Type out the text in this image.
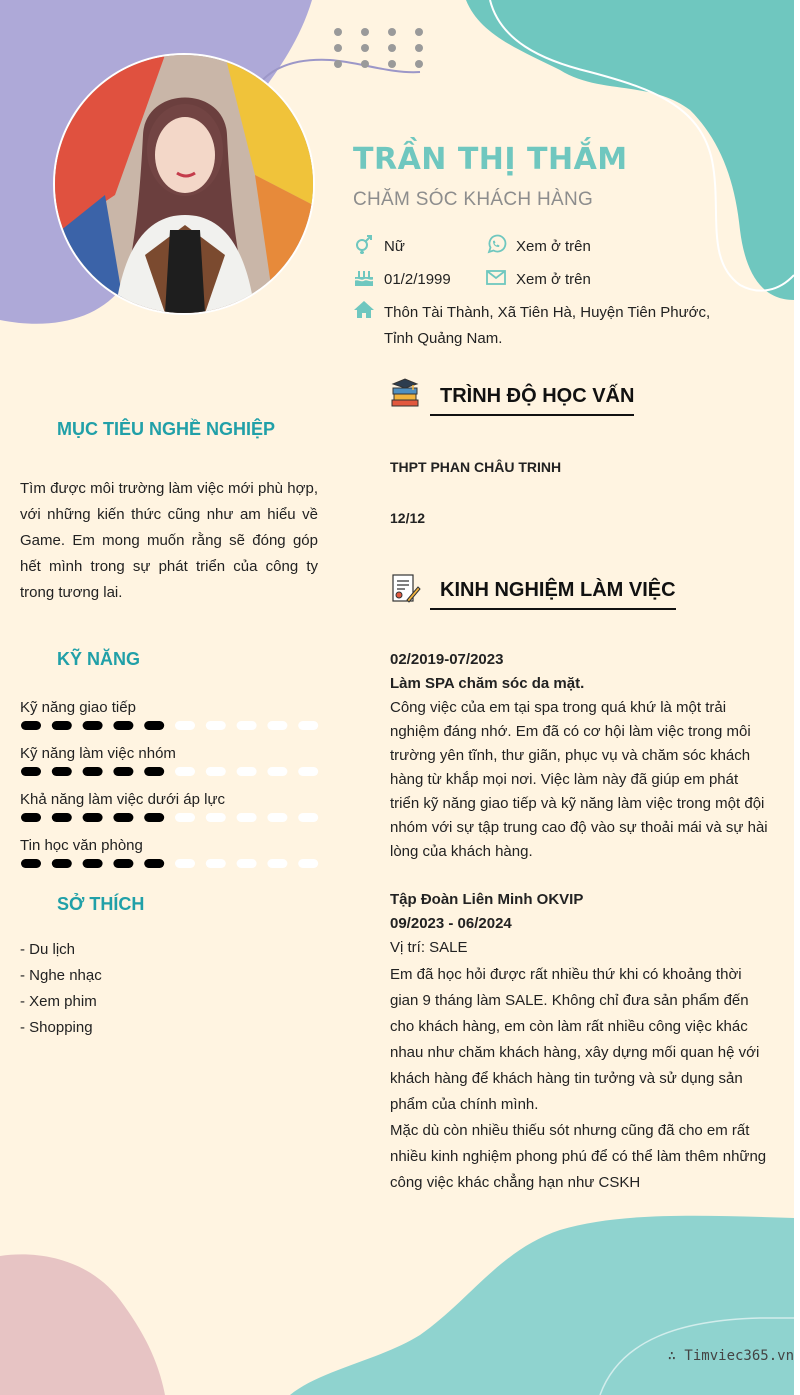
TRẦN THỊ THẮM
CHĂM SÓC KHÁCH HÀNG
Nữ	Xem ở trên
01/2/1999	Xem ở trên
Thôn Tài Thành, Xã Tiên Hà, Huyện Tiên Phước,
Tỉnh Quảng Nam.
MỤC TIÊU NGHỀ NGHIỆP
Tìm được môi trường làm việc mới phù hợp, với những kiến thức cũng như am hiểu về Game. Em mong muốn rằng sẽ đóng góp hết mình trong sự phát triển của công ty trong tương lai.
KỸ NĂNG
Kỹ năng giao tiếp
Kỹ năng làm việc nhóm
Khả năng làm việc dưới áp lực
Tin học văn phòng
SỞ THÍCH
- Du lịch
- Nghe nhạc
- Xem phim
- Shopping
TRÌNH ĐỘ HỌC VẤN
THPT PHAN CHÂU TRINH
12/12
KINH NGHIỆM LÀM VIỆC
02/2019-07/2023
Làm SPA chăm sóc da mặt.
Công việc của em tại spa trong quá khứ là một trải nghiệm đáng nhớ. Em đã có cơ hội làm việc trong môi trường yên tĩnh, thư giãn, phục vụ và chăm sóc khách hàng từ khắp mọi nơi. Việc làm này đã giúp em phát triển kỹ năng giao tiếp và kỹ năng làm việc trong một đội nhóm với sự tập trung cao độ vào sự thoải mái và sự hài lòng của khách hàng.
Tập Đoàn Liên Minh OKVIP
09/2023 - 06/2024
Vị trí: SALE
Em đã học hỏi được rất nhiều thứ khi có khoảng thời gian 9 tháng làm SALE. Không chỉ đưa sản phẩm đến cho khách hàng, em còn làm rất nhiều công việc khác nhau như chăm khách hàng, xây dựng mối quan hệ với khách hàng để khách hàng tin tưởng và sử dụng sản phẩm của chính mình.
Mặc dù còn nhiều thiếu sót nhưng cũng đã cho em rất nhiều kinh nghiệm phong phú để có thể làm thêm những công việc khác chẳng hạn như CSKH
∴ Timviec365.vn
